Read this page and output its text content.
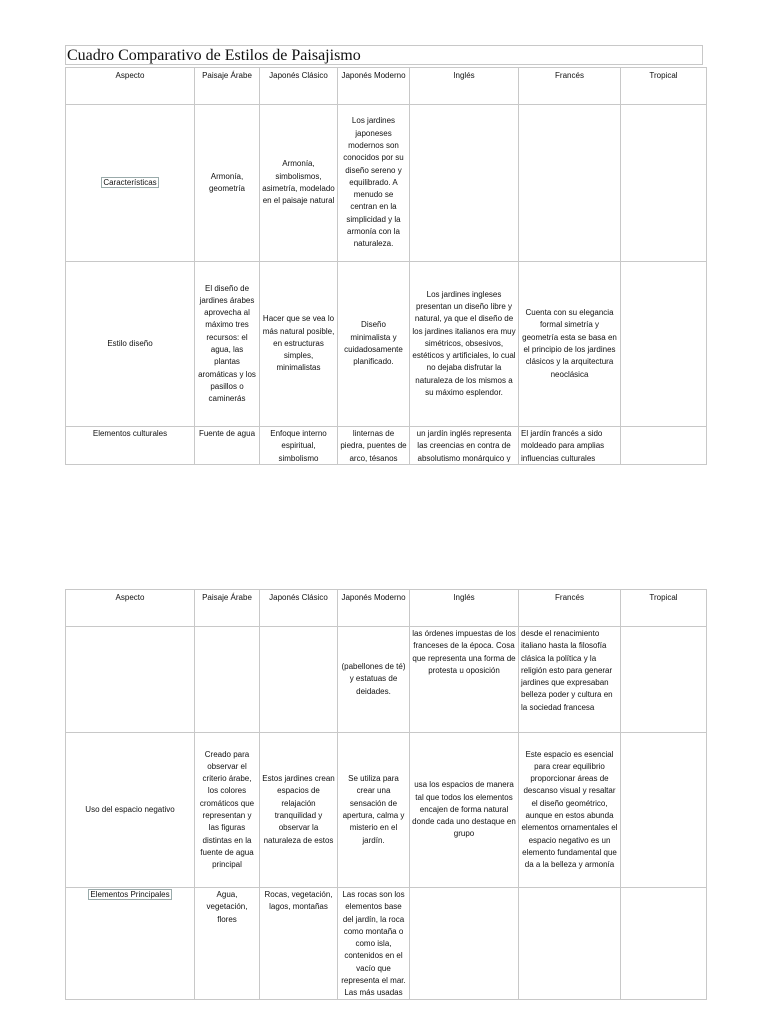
Cuadro Comparativo de Estilos de Paisajismo
Aspecto	Paisaje Árabe	Japonés Clásico	Japonés Moderno	Inglés	Francés	Tropical
Características	Armonía, geometría	Armonía, simbolismos, asimetría, modelado en el paisaje natural	Los jardines japoneses modernos son conocidos por su diseño sereno y equilibrado. A menudo se centran en la simplicidad y la armonía con la naturaleza.			
Estilo diseño	El diseño de jardines árabes aprovecha al máximo tres recursos: el agua, las plantas aromáticas y los pasillos o caminerás	Hacer que se vea lo más natural posible, en estructuras simples, minimalistas	Diseño minimalista y cuidadosamente planificado.	Los jardines ingleses presentan un diseño libre y natural, ya que el diseño de los jardines italianos era muy simétricos, obsesivos, estéticos y artificiales, lo cual no dejaba disfrutar la naturaleza de los mismos a su máximo esplendor.	Cuenta con su elegancia formal simetría y geometría esta se basa en el principio de los jardines clásicos y la arquitectura neoclásica	
Elementos culturales	Fuente de agua	Enfoque interno espiritual, simbolismo	linternas de piedra, puentes de arco, tésanos	un jardín inglés representa las creencias en contra de absolutismo monárquico y	El jardín francés a sido moldeado para amplias influencias culturales	

Aspecto	Paisaje Árabe	Japonés Clásico	Japonés Moderno	Inglés	Francés	Tropical
			(pabellones de té) y estatuas de deidades.	las órdenes impuestas de los franceses de la época. Cosa que representa una forma de protesta u oposición	desde el renacimiento italiano hasta la filosofía clásica la política y la religión esto para generar jardines que expresaban belleza poder y cultura en la sociedad francesa	
Uso del espacio negativo	Creado para observar el criterio árabe, los colores cromáticos que representan y las figuras distintas en la fuente de agua principal	Estos jardines crean espacios de relajación tranquilidad y observar la naturaleza de estos	Se utiliza para crear una sensación de apertura, calma y misterio en el jardín.	usa los espacios de manera tal que todos los elementos encajen de forma natural donde cada uno destaque en grupo	Este espacio es esencial para crear equilibrio proporcionar áreas de descanso visual y resaltar el diseño geométrico, aunque en estos abunda elementos ornamentales el espacio negativo es un elemento fundamental que da a la belleza y armonía	
Elementos Principales	Agua, vegetación, flores	Rocas, vegetación, lagos, montañas	Las rocas son los elementos base del jardín, la roca como montaña o como isla, contenidos en el vacío que representa el mar. Las más usadas			
